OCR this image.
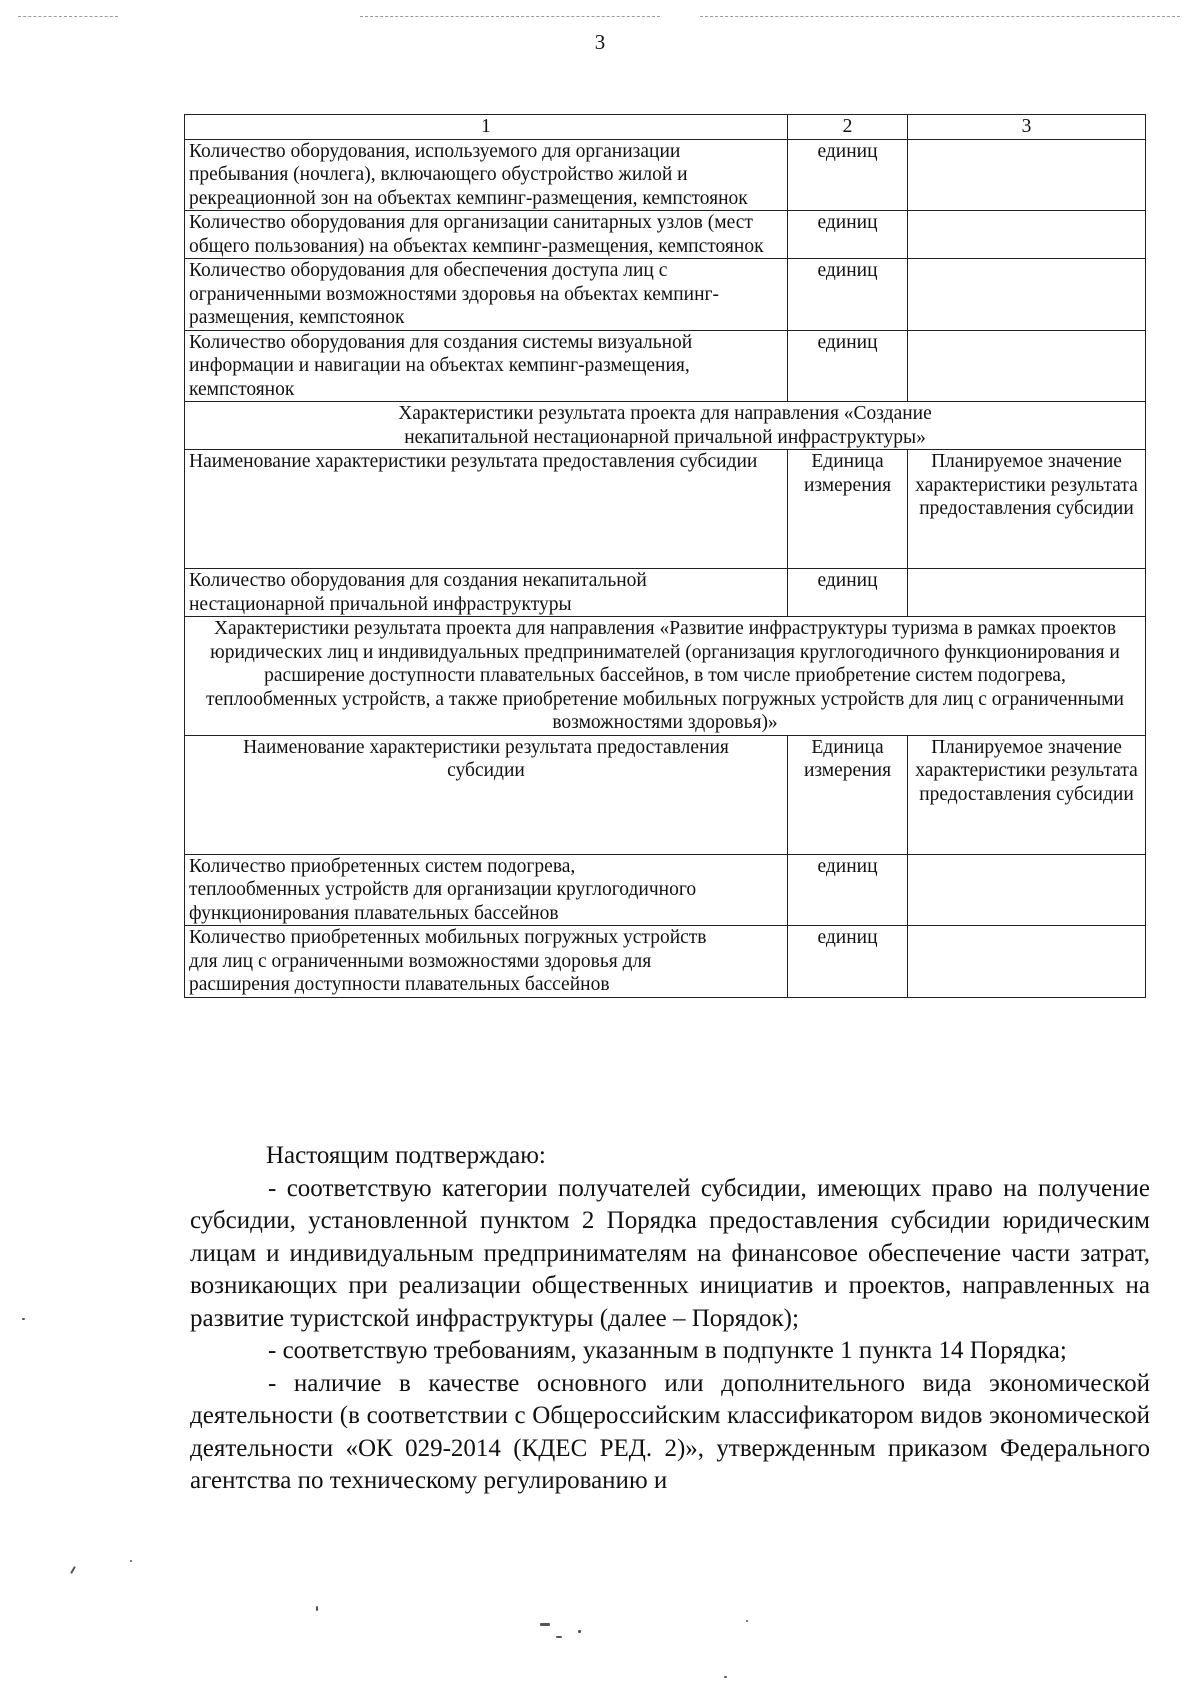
3
1	2	3
Количество оборудования, используемого для организации пребывания (ночлега), включающего обустройство жилой и рекреационной зон на объектах кемпинг-размещения, кемпстоянок	единиц	
Количество оборудования для организации санитарных узлов (мест общего пользования) на объектах кемпинг-размещения, кемпстоянок	единиц	
Количество оборудования для обеспечения доступа лиц с ограниченными возможностями здоровья на объектах кемпинг-размещения, кемпстоянок	единиц	
Количество оборудования для создания системы визуальной информации и навигации на объектах кемпинг-размещения, кемпстоянок	единиц	
Характеристики результата проекта для направления «Создание некапитальной нестационарной причальной инфраструктуры»		
Наименование характеристики результата предоставления субсидии	Единица измерения	Планируемое значение характеристики результата предоставления субсидии
Количество оборудования для создания некапитальной нестационарной причальной инфраструктуры	единиц	
Характеристики результата проекта для направления «Развитие инфраструктуры туризма в рамках проектов юридических лиц и индивидуальных предпринимателей (организация круглогодичного функционирования и расширение доступности плавательных бассейнов, в том числе приобретение систем подогрева, теплообменных устройств, а также приобретение мобильных погружных устройств для лиц с ограниченными возможностями здоровья)»		
Наименование характеристики результата предоставления субсидии	Единица измерения	Планируемое значение характеристики результата предоставления субсидии
Количество приобретенных систем подогрева, теплообменных устройств для организации круглогодичного функционирования плавательных бассейнов	единиц	
Количество приобретенных мобильных погружных устройств для лиц с ограниченными возможностями здоровья для расширения доступности плавательных бассейнов	единиц	

Настоящим подтверждаю:

- соответствую категории получателей субсидии, имеющих право на получение субсидии, установленной пунктом 2 Порядка предоставления субсидии юридическим лицам и индивидуальным предпринимателям на финансовое обеспечение части затрат, возникающих при реализации общественных инициатив и проектов, направленных на развитие туристской инфраструктуры (далее – Порядок);

- соответствую требованиям, указанным в подпункте 1 пункта 14 Порядка;

- наличие в качестве основного или дополнительного вида экономической деятельности (в соответствии с Общероссийским классификатором видов экономической деятельности «ОК 029-2014 (КДЕС РЕД. 2)», утвержденным приказом Федерального агентства по техническому регулированию и
